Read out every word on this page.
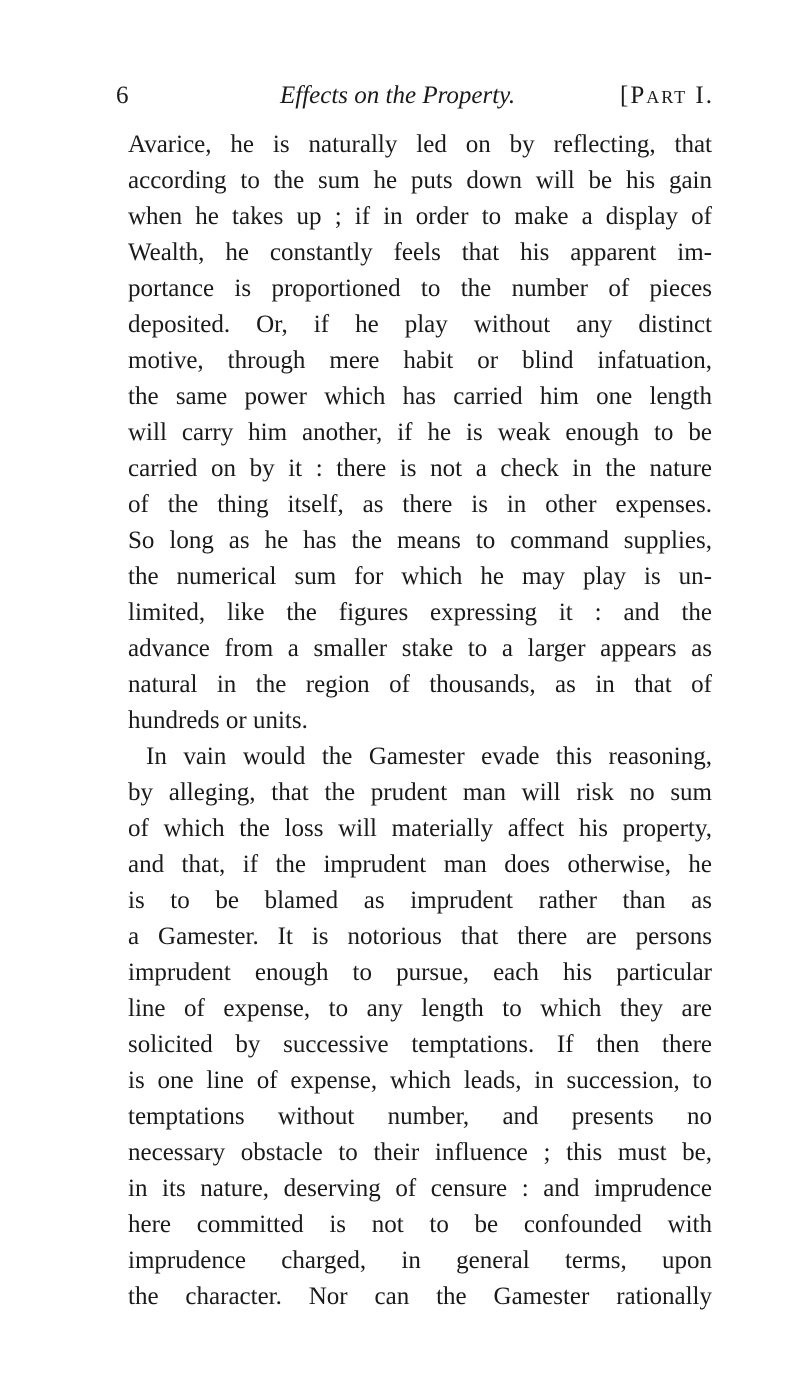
6	Effects on the Property.	[Part I.
Avarice, he is naturally led on by reflecting, that
according to the sum he puts down will be his gain
when he takes up ; if in order to make a display of
Wealth, he constantly feels that his apparent im-
portance is proportioned to the number of pieces
deposited. Or, if he play without any distinct
motive, through mere habit or blind infatuation,
the same power which has carried him one length
will carry him another, if he is weak enough to be
carried on by it : there is not a check in the nature
of the thing itself, as there is in other expenses.
So long as he has the means to command supplies,
the numerical sum for which he may play is un-
limited, like the figures expressing it : and the
advance from a smaller stake to a larger appears as
natural in the region of thousands, as in that of
hundreds or units.
In vain would the Gamester evade this reasoning,
by alleging, that the prudent man will risk no sum
of which the loss will materially affect his property,
and that, if the imprudent man does otherwise, he
is to be blamed as imprudent rather than as
a Gamester. It is notorious that there are persons
imprudent enough to pursue, each his particular
line of expense, to any length to which they are
solicited by successive temptations. If then there
is one line of expense, which leads, in succession, to
temptations without number, and presents no
necessary obstacle to their influence ; this must be,
in its nature, deserving of censure : and imprudence
here committed is not to be confounded with
imprudence charged, in general terms, upon
the character. Nor can the Gamester rationally
